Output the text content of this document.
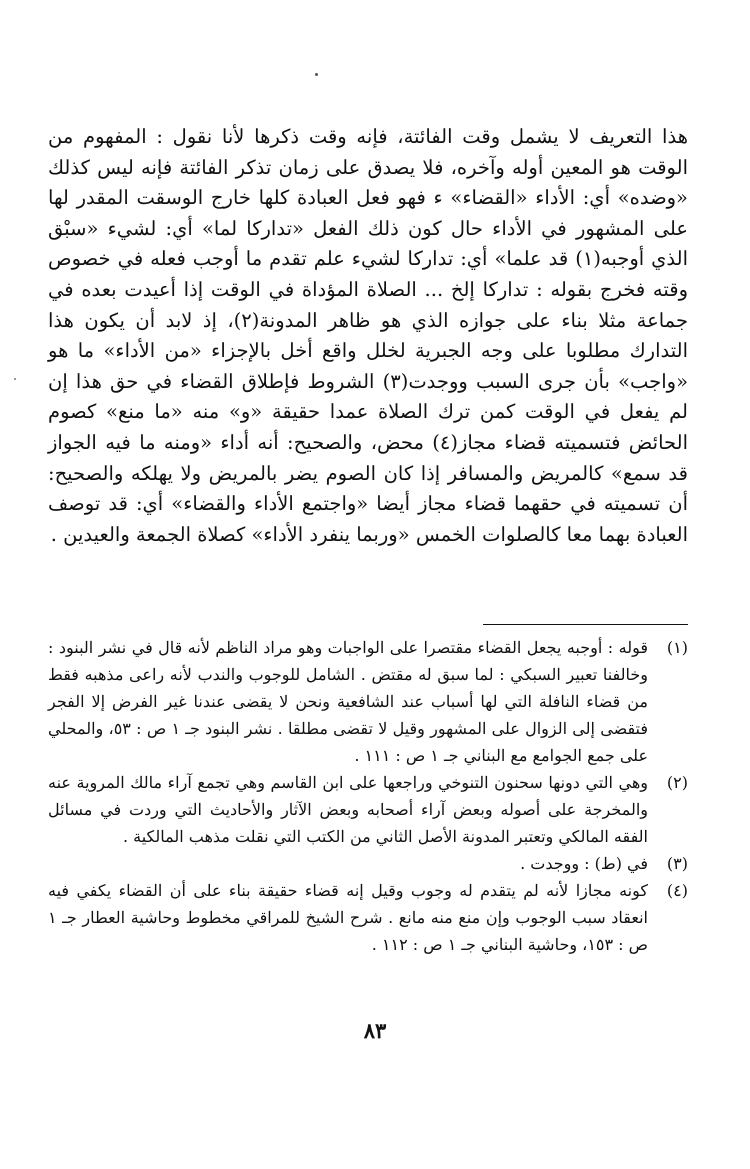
هذا التعريف لا يشمل وقت الفائتة، فإنه وقت ذكرها لأنا نقول : المفهوم من الوقت هو المعين أوله وآخره، فلا يصدق على زمان تذكر الفائتة فإنه ليس كذلك «وضده» أي: الأداء «القضاء» ء فهو فعل العبادة كلها خارج الوسقت المقدر لها على المشهور في الأداء حال كون ذلك الفعل «تداركا لما» أي: لشيء «سبْق الذي أوجبه(١) قد علما» أي: تداركا لشيء علم تقدم ما أوجب فعله في خصوص وقته فخرج بقوله : تداركا إلخ ... الصلاة المؤداة في الوقت إذا أعيدت بعده في جماعة مثلا بناء على جوازه الذي هو ظاهر المدونة(٢)، إذ لابد أن يكون هذا التدارك مطلوبا على وجه الجبرية لخلل واقع أخل بالإجزاء «من الأداء» ما هو «واجب» بأن جرى السبب ووجدت(٣) الشروط فإطلاق القضاء في حق هذا إن لم يفعل في الوقت كمن ترك الصلاة عمدا حقيقة «و» منه «ما منع» كصوم الحائض فتسميته قضاء مجاز(٤) محض، والصحيح: أنه أداء «ومنه ما فيه الجواز قد سمع» كالمريض والمسافر إذا كان الصوم يضر بالمريض ولا يهلكه والصحيح: أن تسميته في حقهما قضاء مجاز أيضا «واجتمع الأداء والقضاء» أي: قد توصف العبادة بهما معا كالصلوات الخمس «وربما ينفرد الأداء» كصلاة الجمعة والعيدين .

(١)
قوله : أوجبه يجعل القضاء مقتصرا على الواجبات وهو مراد الناظم لأنه قال في نشر البنود : وخالفنا تعبير السبكي : لما سبق له مقتض . الشامل للوجوب والندب لأنه راعى مذهبه فقط من قضاء النافلة التي لها أسباب عند الشافعية ونحن لا يقضى عندنا غير الفرض إلا الفجر فتقضى إلى الزوال على المشهور وقيل لا تقضى مطلقا . نشر البنود جـ ١ ص : ٥٣، والمحلي على جمع الجوامع مع البناني جـ ١ ص : ١١١ .
(٢)
وهي التي دونها سحنون التنوخي وراجعها على ابن القاسم وهي تجمع آراء مالك المروية عنه والمخرجة على أصوله وبعض آراء أصحابه وبعض الآثار والأحاديث التي وردت في مسائل الفقه المالكي وتعتبر المدونة الأصل الثاني من الكتب التي نقلت مذهب المالكية .
(٣)
في (ط) : ووجدت .
(٤)
كونه مجازا لأنه لم يتقدم له وجوب وقيل إنه قضاء حقيقة بناء على أن القضاء يكفي فيه انعقاد سبب الوجوب وإن منع منه مانع . شرح الشيخ للمراقي مخطوط وحاشية العطار جـ ١ ص : ١٥٣، وحاشية البناني جـ ١ ص : ١١٢ .
٨٣
